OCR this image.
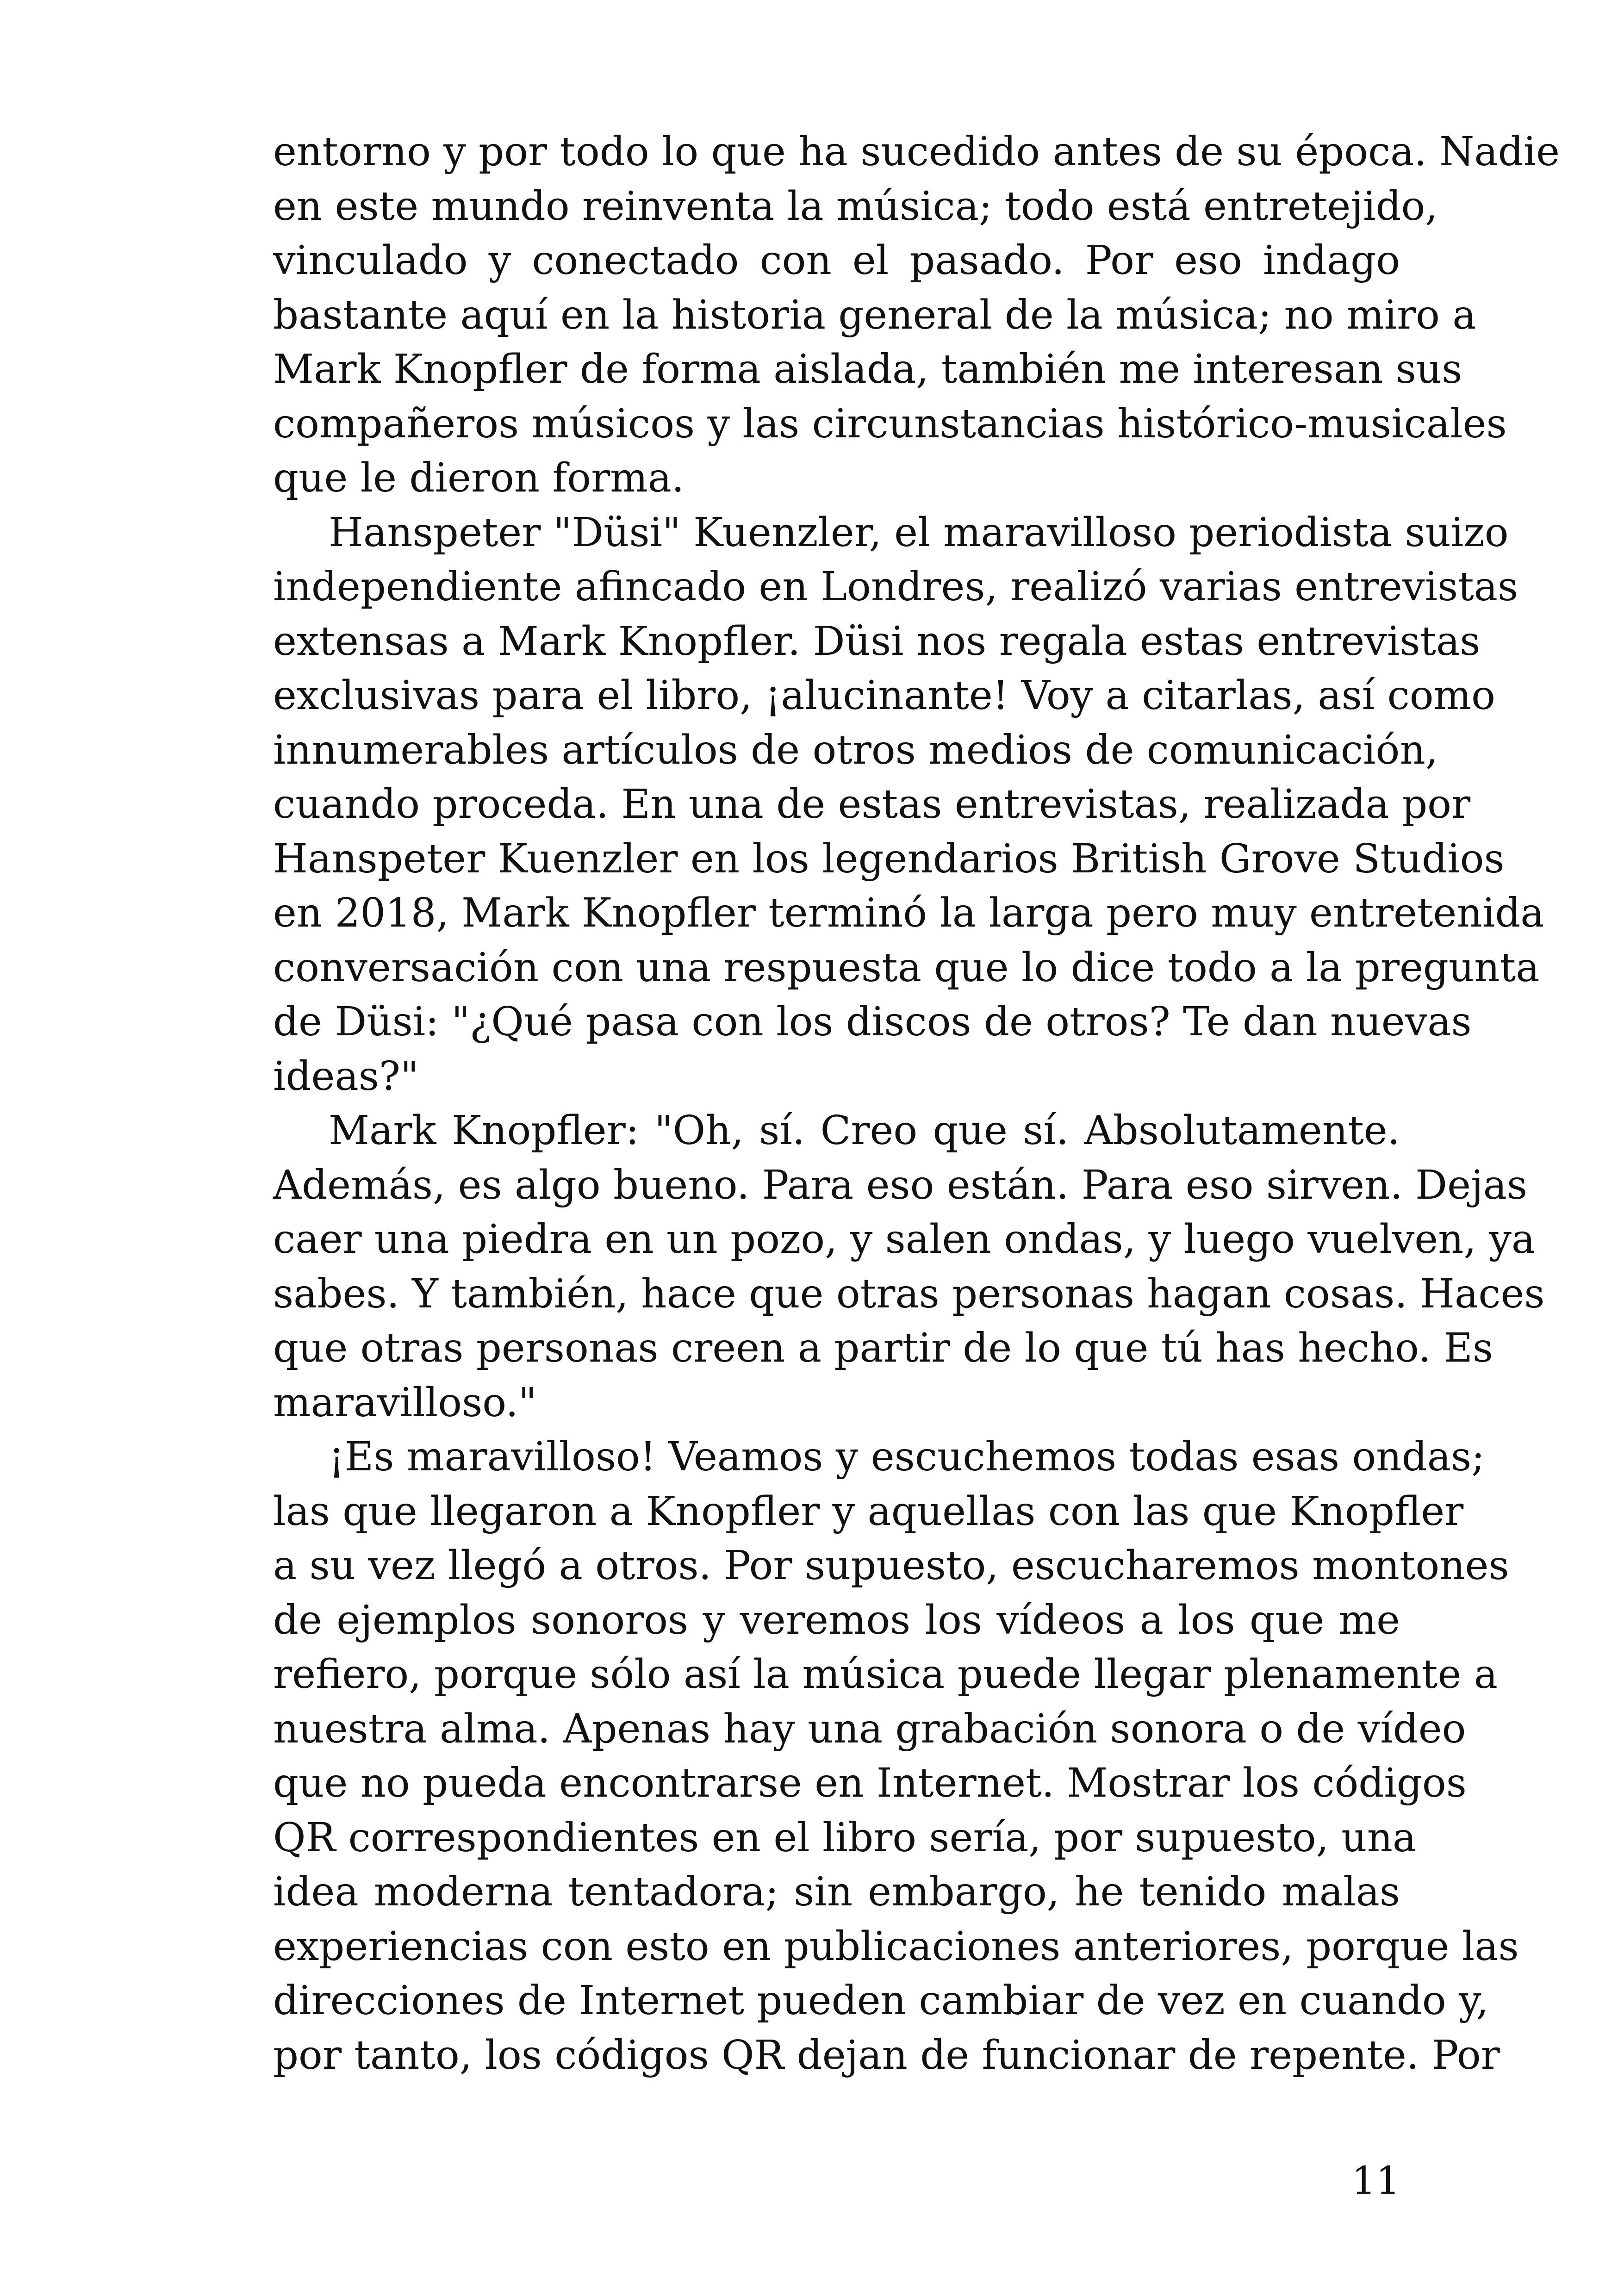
entorno y por todo lo que ha sucedido antes de su época. Nadie
en este mundo reinventa la música; todo está entretejido,
vinculado y conectado con el pasado. Por eso indago
bastante aquí en la historia general de la música; no miro a
Mark Knopfler de forma aislada, también me interesan sus
compañeros músicos y las circunstancias histórico-musicales
que le dieron forma.
Hanspeter "Düsi" Kuenzler, el maravilloso periodista suizo
independiente afincado en Londres, realizó varias entrevistas
extensas a Mark Knopfler. Düsi nos regala estas entrevistas
exclusivas para el libro, ¡alucinante! Voy a citarlas, así como
innumerables artículos de otros medios de comunicación,
cuando proceda. En una de estas entrevistas, realizada por
Hanspeter Kuenzler en los legendarios British Grove Studios
en 2018, Mark Knopfler terminó la larga pero muy entretenida
conversación con una respuesta que lo dice todo a la pregunta
de Düsi: "¿Qué pasa con los discos de otros? Te dan nuevas
ideas?"
Mark Knopfler: "Oh, sí. Creo que sí. Absolutamente.
Además, es algo bueno. Para eso están. Para eso sirven. Dejas
caer una piedra en un pozo, y salen ondas, y luego vuelven, ya
sabes. Y también, hace que otras personas hagan cosas. Haces
que otras personas creen a partir de lo que tú has hecho. Es
maravilloso."
¡Es maravilloso! Veamos y escuchemos todas esas ondas;
las que llegaron a Knopfler y aquellas con las que Knopfler
a su vez llegó a otros. Por supuesto, escucharemos montones
de ejemplos sonoros y veremos los vídeos a los que me
refiero, porque sólo así la música puede llegar plenamente a
nuestra alma. Apenas hay una grabación sonora o de vídeo
que no pueda encontrarse en Internet. Mostrar los códigos
QR correspondientes en el libro sería, por supuesto, una
idea moderna tentadora; sin embargo, he tenido malas
experiencias con esto en publicaciones anteriores, porque las
direcciones de Internet pueden cambiar de vez en cuando y,
por tanto, los códigos QR dejan de funcionar de repente. Por
11
